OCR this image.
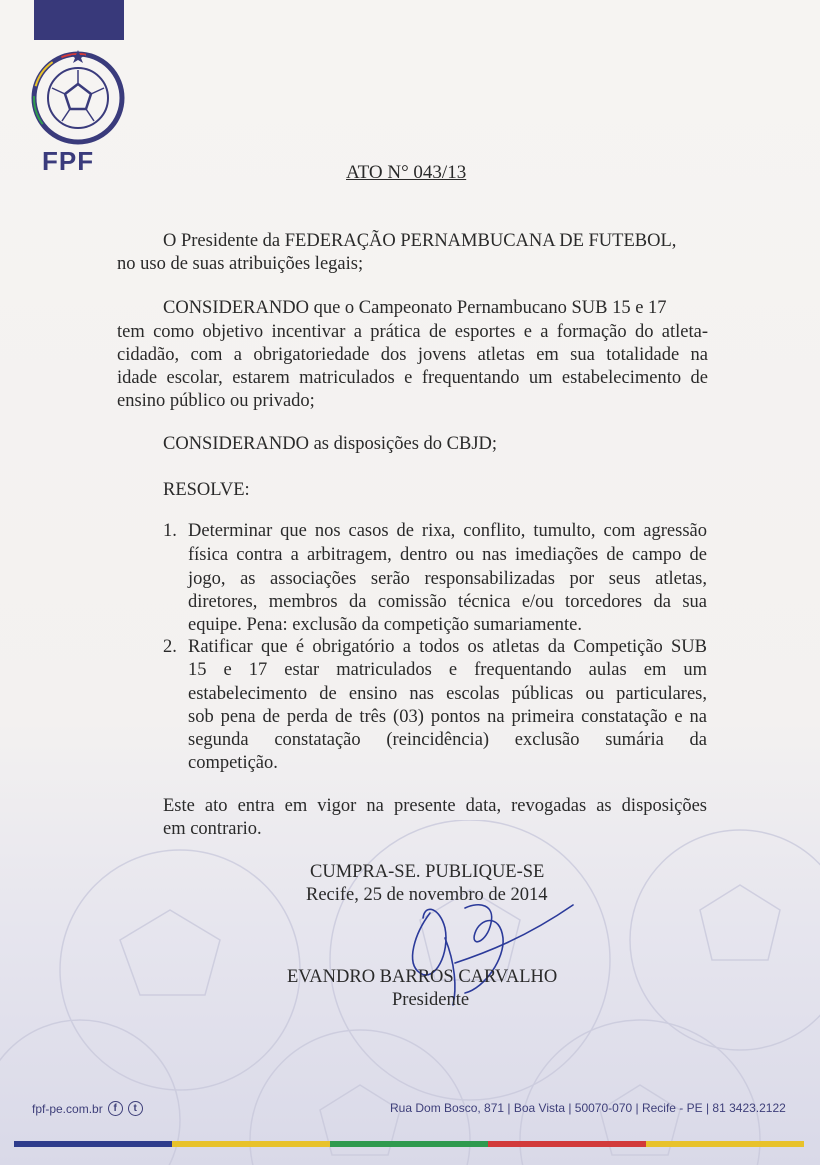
FPF	ATO N° 043/13
O Presidente da FEDERAÇÃO PERNAMBUCANA DE FUTEBOL,
no uso de suas atribuições legais;
CONSIDERANDO que o Campeonato Pernambucano SUB 15 e 17
tem como objetivo incentivar a prática de esportes e a formação do atleta-
cidadão, com a obrigatoriedade dos jovens atletas em sua totalidade na
idade escolar, estarem matriculados e frequentando um estabelecimento de
ensino público ou privado;
CONSIDERANDO as disposições do CBJD;
RESOLVE:
1. Determinar que nos casos de rixa, conflito, tumulto, com agressão
física contra a arbitragem, dentro ou nas imediações de campo de
jogo, as associações serão responsabilizadas por seus atletas,
diretores, membros da comissão técnica e/ou torcedores da sua
equipe. Pena: exclusão da competição sumariamente.
2. Ratificar que é obrigatório a todos os atletas da Competição SUB
15 e 17 estar matriculados e frequentando aulas em um
estabelecimento de ensino nas escolas públicas ou particulares,
sob pena de perda de três (03) pontos na primeira constatação e na
segunda constatação (reincidência) exclusão sumária da
competição.
Este ato entra em vigor na presente data, revogadas as disposições
em contrario.
CUMPRA-SE. PUBLIQUE-SE
Recife, 25 de novembro de 2014
EVANDRO BARROS CARVALHO
Presidente
fpf-pe.com.br	f	t	Rua Dom Bosco, 871 | Boa Vista | 50070-070 | Recife - PE | 81 3423.2122
